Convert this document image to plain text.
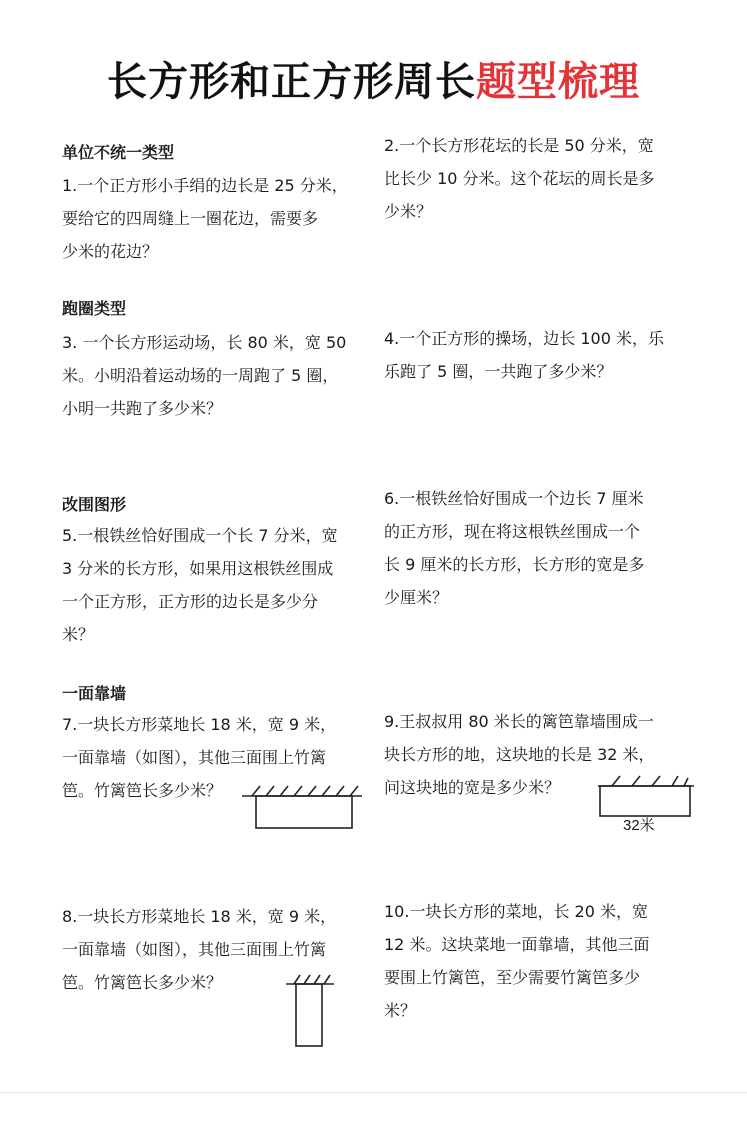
长方形和正方形周长题型梳理
单位不统一类型

1.一个正方形小手绢的边长是 25 分米，

要给它的四周缝上一圈花边，需要多

少米的花边？

2.一个长方形花坛的长是 50 分米，宽

比长少 10 分米。这个花坛的周长是多

少米？

跑圈类型

3. 一个长方形运动场，长 80 米，宽 50

米。小明沿着运动场的一周跑了 5 圈，

小明一共跑了多少米？

4.一个正方形的操场，边长 100 米，乐

乐跑了 5 圈，一共跑了多少米？

改围图形

5.一根铁丝恰好围成一个长 7 分米，宽

3 分米的长方形，如果用这根铁丝围成

一个正方形，正方形的边长是多少分

米？

6.一根铁丝恰好围成一个边长 7 厘米

的正方形，现在将这根铁丝围成一个

长 9 厘米的长方形，长方形的宽是多

少厘米？

一面靠墙

7.一块长方形菜地长 18 米，宽 9 米，

一面靠墙（如图），其他三面围上竹篱

笆。竹篱笆长多少米？

9.王叔叔用 80 米长的篱笆靠墙围成一

块长方形的地，这块地的长是 32 米，

问这块地的宽是多少米？

32米

8.一块长方形菜地长 18 米，宽 9 米，

一面靠墙（如图），其他三面围上竹篱

笆。竹篱笆长多少米？

10.一块长方形的菜地，长 20 米，宽

12 米。这块菜地一面靠墙，其他三面

要围上竹篱笆，至少需要竹篱笆多少

米？
